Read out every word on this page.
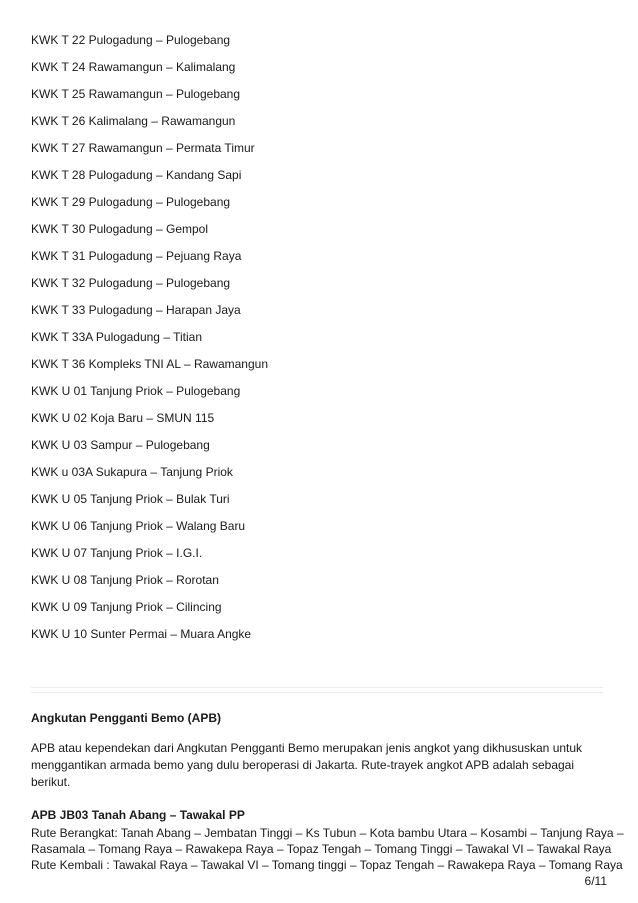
KWK T 22 Pulogadung – Pulogebang
KWK T 24 Rawamangun – Kalimalang
KWK T 25 Rawamangun – Pulogebang
KWK T 26 Kalimalang – Rawamangun
KWK T 27 Rawamangun – Permata Timur
KWK T 28 Pulogadung – Kandang Sapi
KWK T 29 Pulogadung – Pulogebang
KWK T 30 Pulogadung – Gempol
KWK T 31 Pulogadung – Pejuang Raya
KWK T 32 Pulogadung – Pulogebang
KWK T 33 Pulogadung – Harapan Jaya
KWK T 33A Pulogadung – Titian
KWK T 36 Kompleks TNI AL – Rawamangun
KWK U 01 Tanjung Priok – Pulogebang
KWK U 02 Koja Baru – SMUN 115
KWK U 03 Sampur – Pulogebang
KWK u 03A Sukapura – Tanjung Priok
KWK U 05 Tanjung Priok – Bulak Turi
KWK U 06 Tanjung Priok – Walang Baru
KWK U 07 Tanjung Priok – I.G.I.
KWK U 08 Tanjung Priok – Rorotan
KWK U 09 Tanjung Priok – Cilincing
KWK U 10 Sunter Permai – Muara Angke
Angkutan Pengganti Bemo (APB)
APB atau kependekan dari Angkutan Pengganti Bemo merupakan jenis angkot yang dikhususkan untuk
menggantikan armada bemo yang dulu beroperasi di Jakarta. Rute-trayek angkot APB adalah sebagai berikut.
APB JB03 Tanah Abang – Tawakal PP
Rute Berangkat: Tanah Abang – Jembatan Tinggi – Ks Tubun – Kota bambu Utara – Kosambi – Tanjung Raya –
Rasamala – Tomang Raya – Rawakepa Raya – Topaz Tengah – Tomang Tinggi – Tawakal VI – Tawakal Raya
Rute Kembali : Tawakal Raya – Tawakal VI – Tomang tinggi – Topaz Tengah – Rawakepa Raya – Tomang Raya
6/11
